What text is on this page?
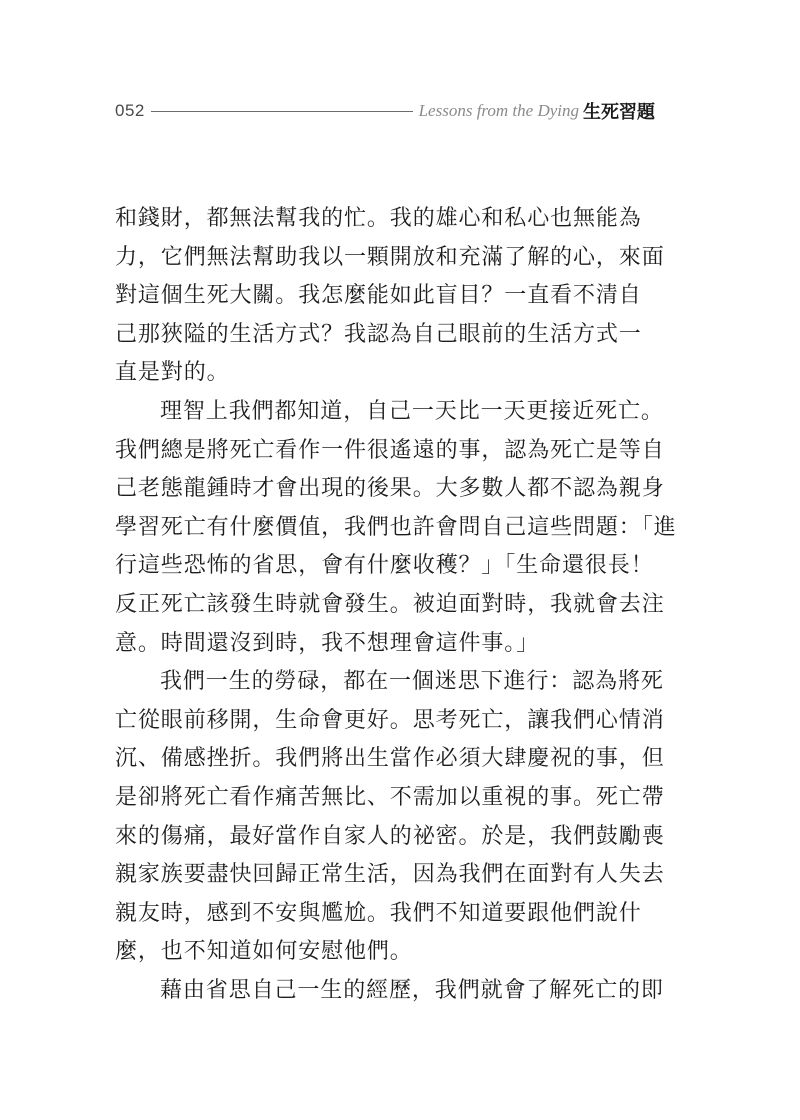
052	Lessons from the Dying 生死習題
和錢財，都無法幫我的忙。我的雄心和私心也無能為
力，它們無法幫助我以一顆開放和充滿了解的心，來面
對這個生死大關。我怎麼能如此盲目？一直看不清自
己那狹隘的生活方式？我認為自己眼前的生活方式一
直是對的。
理智上我們都知道，自己一天比一天更接近死亡。
我們總是將死亡看作一件很遙遠的事，認為死亡是等自
己老態龍鍾時才會出現的後果。大多數人都不認為親身
學習死亡有什麼價值，我們也許會問自己這些問題：「進
行這些恐怖的省思，會有什麼收穫？」「生命還很長！
反正死亡該發生時就會發生。被迫面對時，我就會去注
意。時間還沒到時，我不想理會這件事。」
我們一生的勞碌，都在一個迷思下進行：認為將死
亡從眼前移開，生命會更好。思考死亡，讓我們心情消
沉、備感挫折。我們將出生當作必須大肆慶祝的事，但
是卻將死亡看作痛苦無比、不需加以重視的事。死亡帶
來的傷痛，最好當作自家人的祕密。於是，我們鼓勵喪
親家族要盡快回歸正常生活，因為我們在面對有人失去
親友時，感到不安與尷尬。我們不知道要跟他們說什
麼，也不知道如何安慰他們。
藉由省思自己一生的經歷，我們就會了解死亡的即
